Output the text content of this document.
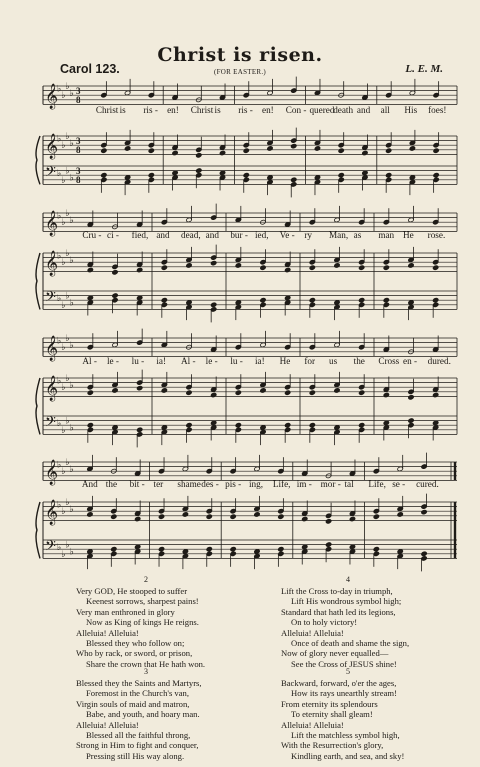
Christ is risen.
(FOR EASTER.)
Carol 123.	L. E. M.
𝄞
𝄞
𝄢
♭
♭
♭
♭
♭
♭
♭
♭
♭
♭
♭
♭
3
8
3
8
3
8
𝄞
𝄞
𝄢
♭
♭
♭
♭
♭
♭
♭
♭
♭
♭
♭
♭
𝄞
𝄞
𝄢
♭
♭
♭
♭
♭
♭
♭
♭
♭
♭
♭
♭
𝄞
𝄞
𝄢
♭
♭
♭
♭
♭
♭
♭
♭
♭
♭
♭
♭
Christ is ris - en! Christ is ris - en! Con - quered
death and all His foes!
Cru - ci - fied, and dead, and bur - ied, Ve - ry Man, as man He rose.
Al - le - lu - ia! Al - le - lu - ia! He for us the Cross en - dured.
And the bit - ter shame des - pis - ing, Life, im - mor - tal Life, se - cured.
2
Very GOD, He stooped to suffer
Keenest sorrows, sharpest pains!
Very man enthroned in glory
Now as King of kings He reigns.
Alleluia! Alleluia!
Blessed they who follow on;
Who by rack, or sword, or prison,
Share the crown that He hath won.
3
Blessed they the Saints and Martyrs,
Foremost in the Church's van,
Virgin souls of maid and matron,
Babe, and youth, and hoary man.
Alleluia! Alleluia!
Blessed all the faithful throng,
Strong in Him to fight and conquer,
Pressing still His way along.
4
Lift the Cross to-day in triumph,
Lift His wondrous symbol high;
Standard that hath led its legions,
On to holy victory!
Alleluia! Alleluia!
Once of death and shame the sign,
Now of glory never equalled—
See the Cross of JESUS shine!
5
Backward, forward, o'er the ages,
How its rays unearthly stream!
From eternity its splendours
To eternity shall gleam!
Alleluia! Alleluia!
Lift the matchless symbol high,
With the Resurrection's glory,
Kindling earth, and sea, and sky!
